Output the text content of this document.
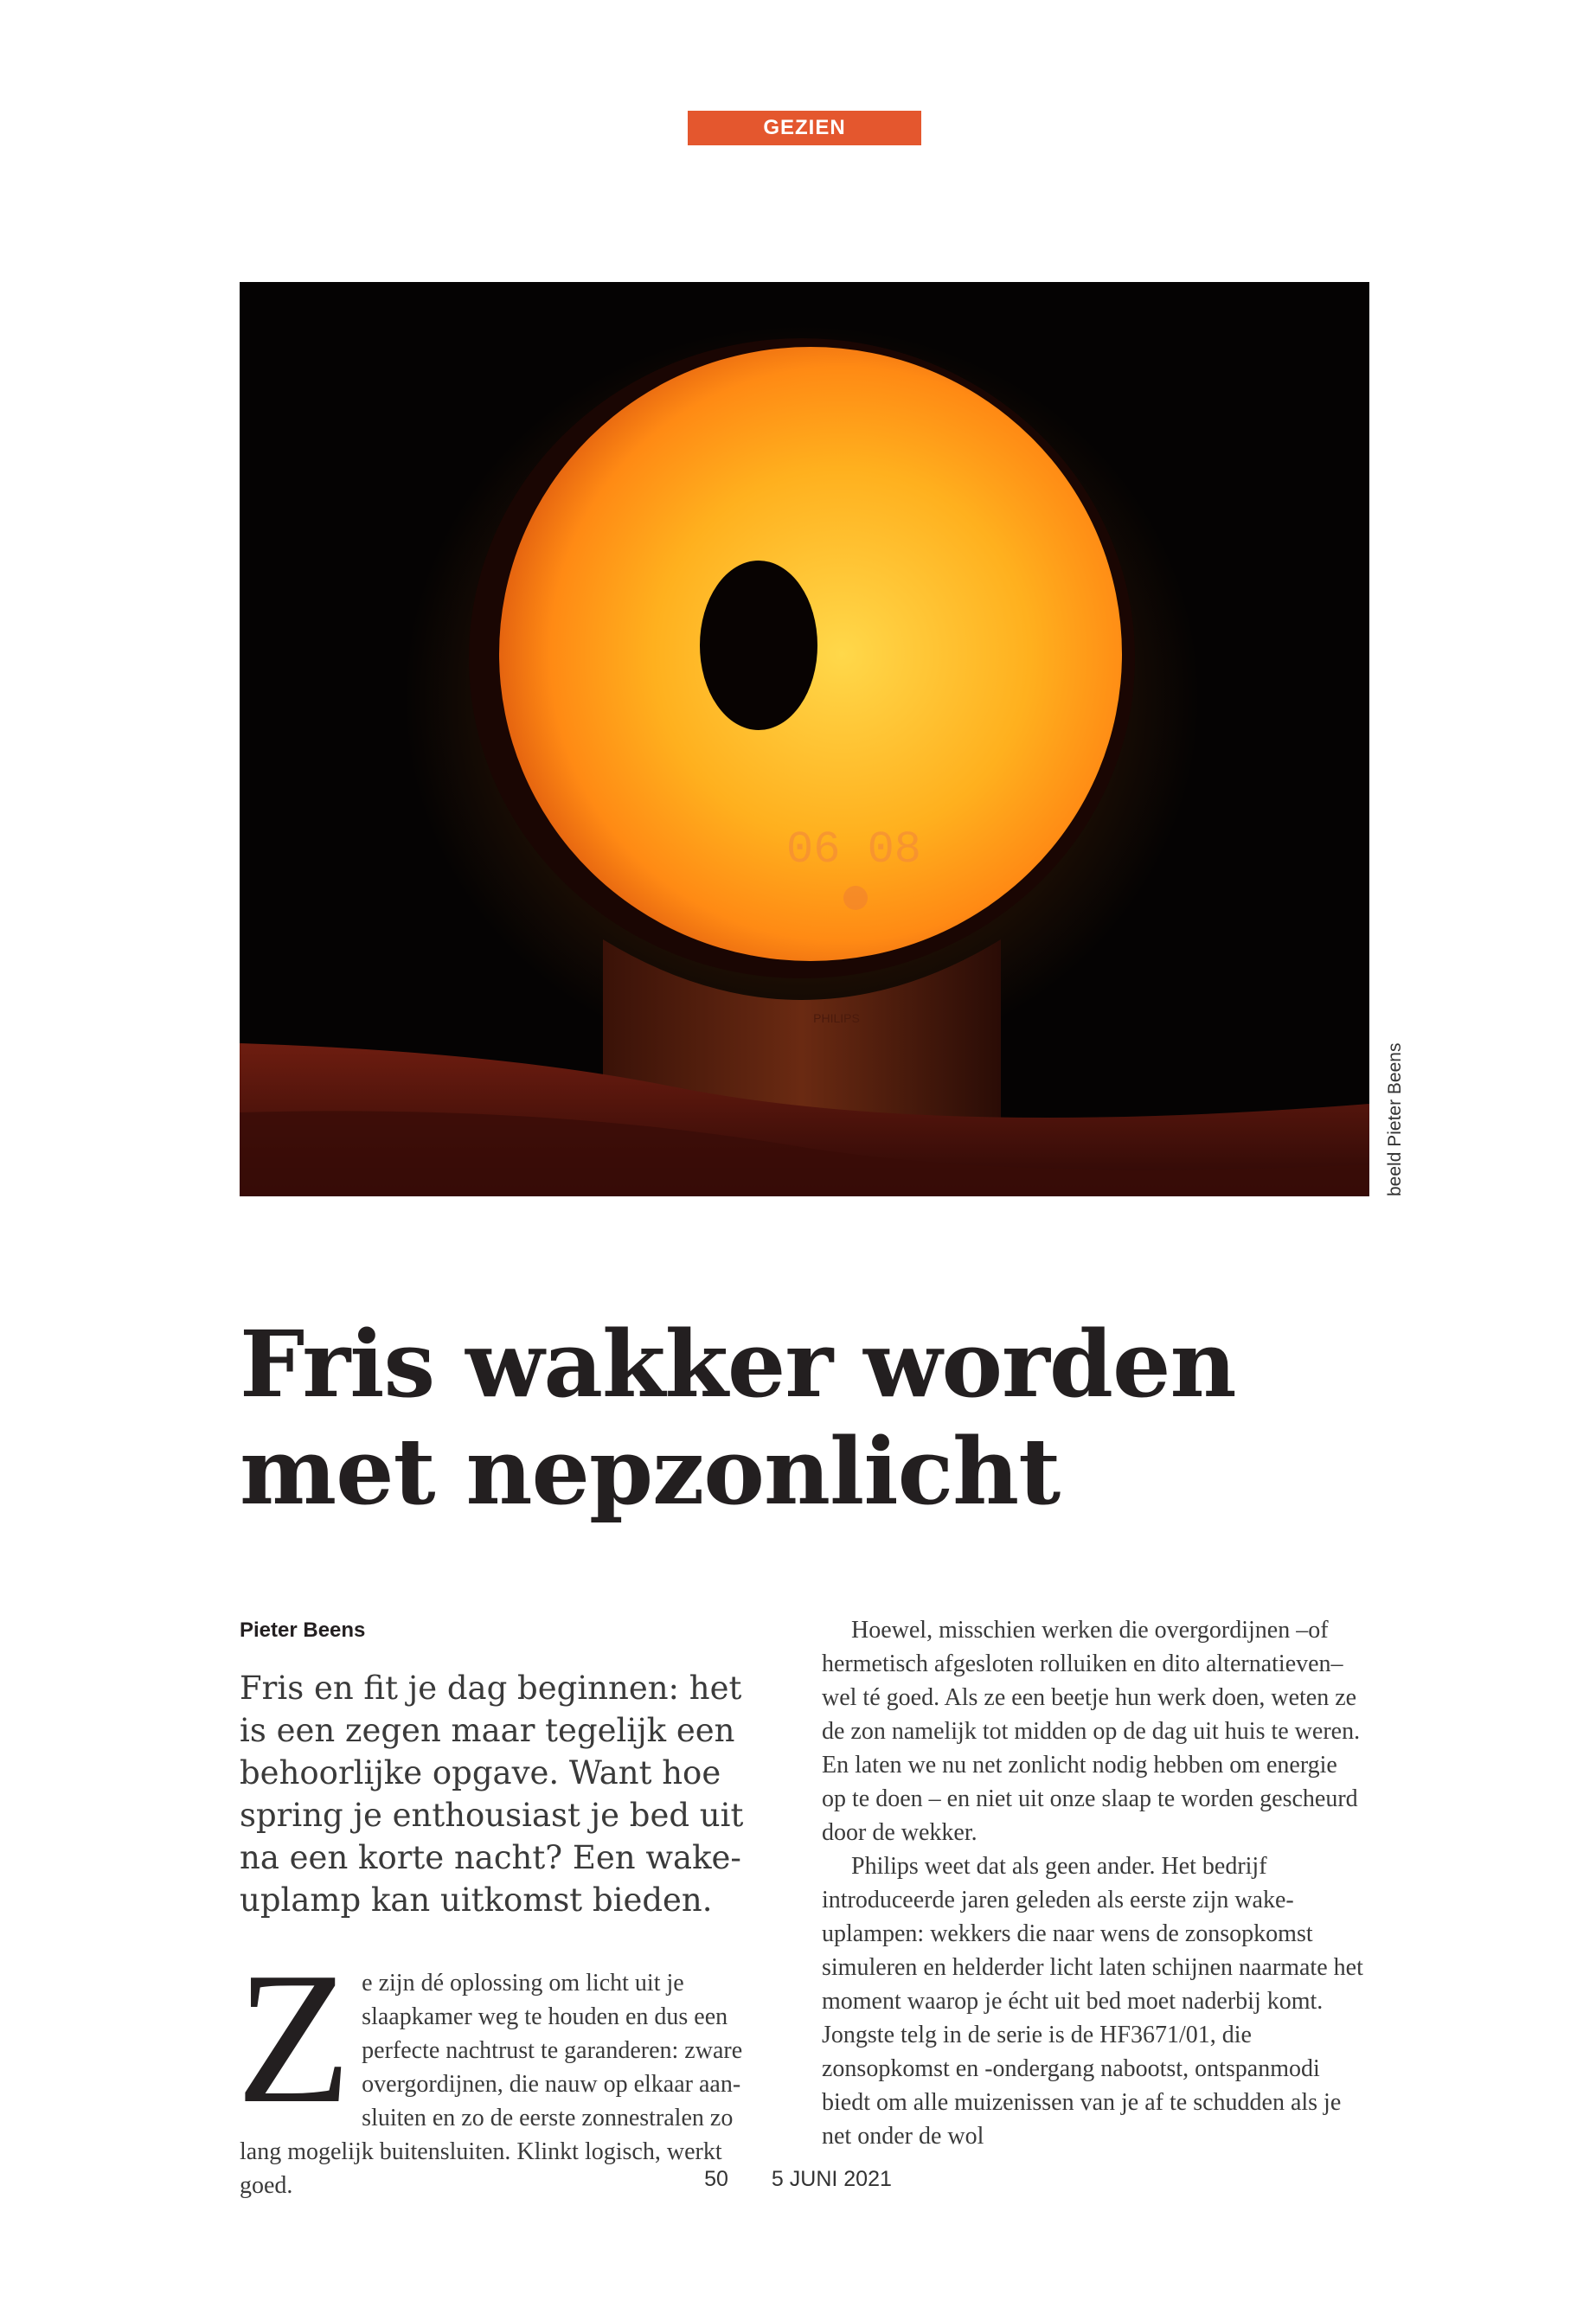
GEZIEN
06 08
PHILIPS
beeld Pieter Beens
Fris wakker worden
met nepzonlicht

Pieter Beens

Fris en fit je dag beginnen: het is een zegen maar tegelijk een behoorlijke opgave. Want hoe spring je enthousiast je bed uit na een korte nacht? Een wake-uplamp kan uitkomst bieden.

Ze zijn dé oplossing om licht uit je slaapkamer weg te houden en dus een perfecte nachtrust te garanderen: zware overgordijnen, die nauw op elkaar aansluiten en zo de eerste zonnestralen zo lang mogelijk buitensluiten. Klinkt logisch, werkt goed.

Hoewel, misschien werken die overgordijnen –of hermetisch afgesloten rolluiken en dito alternatieven– wel té goed. Als ze een beetje hun werk doen, weten ze de zon namelijk tot midden op de dag uit huis te weren. En laten we nu net zonlicht nodig hebben om energie op te doen – en niet uit onze slaap te worden gescheurd door de wekker.

Philips weet dat als geen ander. Het bedrijf introduceerde jaren geleden als eerste zijn wake-uplampen: wekkers die naar wens de zonsopkomst simuleren en helderder licht laten schijnen naarmate het moment waarop je écht uit bed moet naderbij komt. Jongste telg in de serie is de HF3671/01, die zonsopkomst en -ondergang nabootst, ontspanmodi biedt om alle muizenissen van je af te schudden als je net onder de wol

50 5 JUNI 2021
